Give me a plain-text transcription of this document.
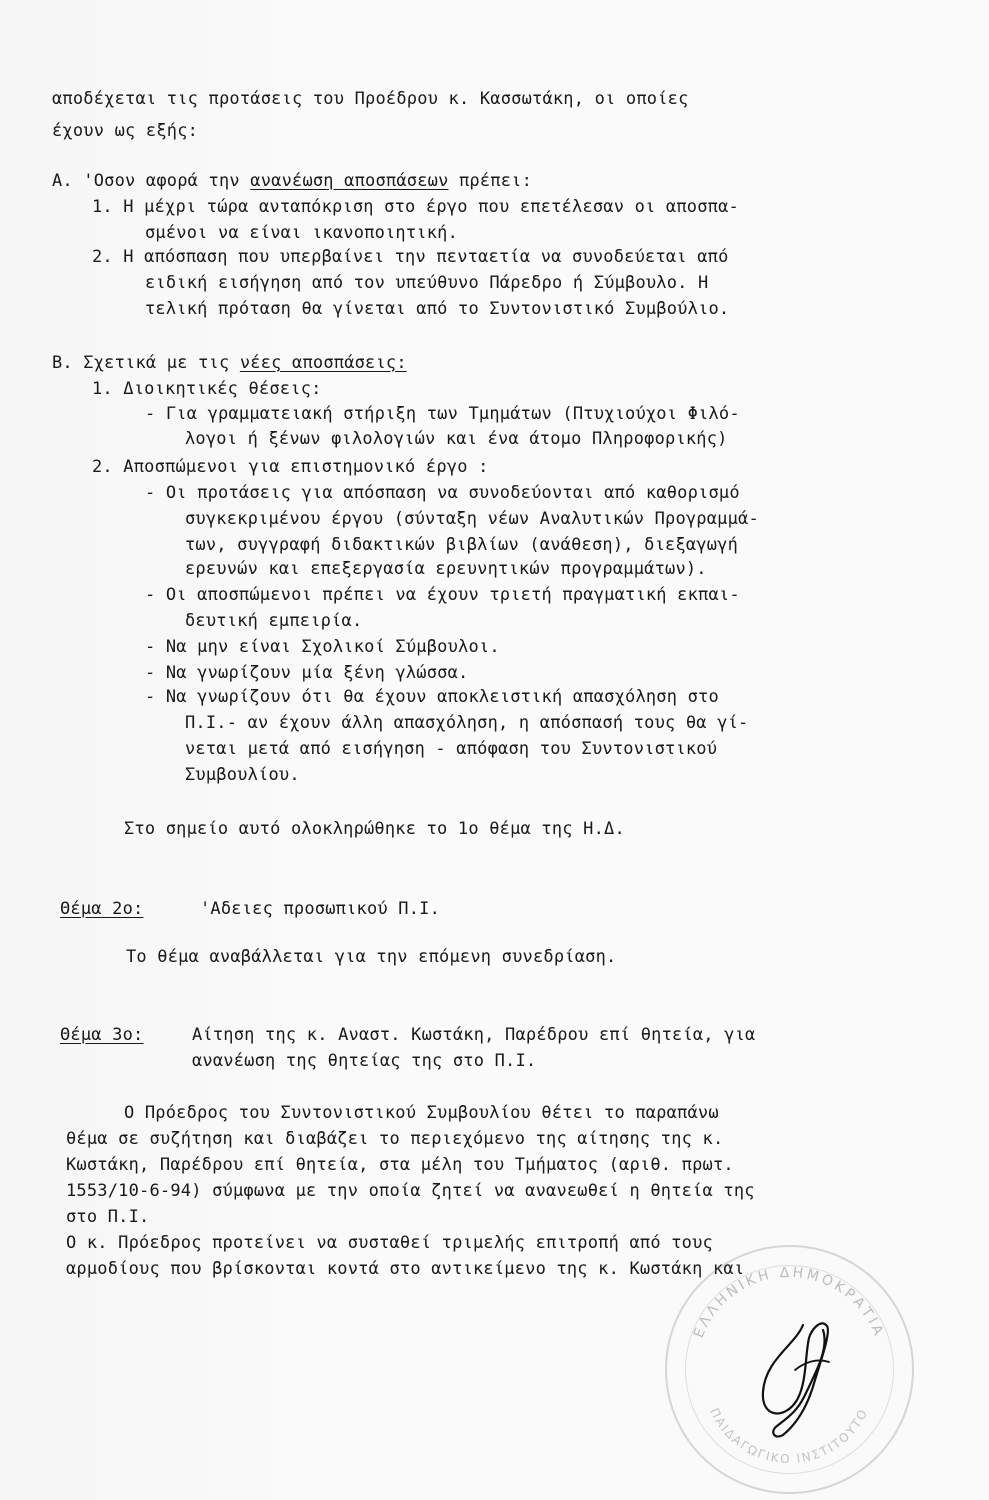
αποδέχεται τις προτάσεις του Προέδρου κ. Κασσωτάκη, οι οποίες
έχουν ως εξής:
Α. 'Οσον αφορά την ανανέωση αποσπάσεων πρέπει:
1. Η μέχρι τώρα ανταπόκριση στο έργο που επετέλεσαν οι αποσπα-
σμένοι να είναι ικανοποιητική.
2. Η απόσπαση που υπερβαίνει την πενταετία να συνοδεύεται από
ειδική εισήγηση από τον υπεύθυνο Πάρεδρο ή Σύμβουλο. Η
τελική πρόταση θα γίνεται από το Συντονιστικό Συμβούλιο.
Β. Σχετικά με τις νέες αποσπάσεις:
1. Διοικητικές θέσεις:
- Για γραμματειακή στήριξη των Τμημάτων (Πτυχιούχοι Φιλό-
λογοι ή ξένων φιλολογιών και ένα άτομο Πληροφορικής)
2. Αποσπώμενοι για επιστημονικό έργο :
- Οι προτάσεις για απόσπαση να συνοδεύονται από καθορισμό
συγκεκριμένου έργου (σύνταξη νέων Αναλυτικών Προγραμμά-
των, συγγραφή διδακτικών βιβλίων (ανάθεση), διεξαγωγή
ερευνών και επεξεργασία ερευνητικών προγραμμάτων).
- Οι αποσπώμενοι πρέπει να έχουν τριετή πραγματική εκπαι-
δευτική εμπειρία.
- Να μην είναι Σχολικοί Σύμβουλοι.
- Να γνωρίζουν μία ξένη γλώσσα.
- Να γνωρίζουν ότι θα έχουν αποκλειστική απασχόληση στο
Π.Ι.- αν έχουν άλλη απασχόληση, η απόσπασή τους θα γί-
νεται μετά από εισήγηση - απόφαση του Συντονιστικού
Συμβουλίου.
Στο σημείο αυτό ολοκληρώθηκε το 1ο θέμα της Η.Δ.
Θέμα 2ο:	'Αδειες προσωπικού Π.Ι.
Το θέμα αναβάλλεται για την επόμενη συνεδρίαση.
Θέμα 3ο:	Αίτηση της κ. Αναστ. Κωστάκη, Παρέδρου επί θητεία, για
ανανέωση της θητείας της στο Π.Ι.
Ο Πρόεδρος του Συντονιστικού Συμβουλίου θέτει το παραπάνω
θέμα σε συζήτηση και διαβάζει το περιεχόμενο της αίτησης της κ.
Κωστάκη, Παρέδρου επί θητεία, στα μέλη του Τμήματος (αριθ. πρωτ.
1553/10-6-94) σύμφωνα με την οποία ζητεί να ανανεωθεί η θητεία της
στο Π.Ι.
Ο κ. Πρόεδρος προτείνει να συσταθεί τριμελής επιτροπή από τους
αρμοδίους που βρίσκονται κοντά στο αντικείμενο της κ. Κωστάκη και
ΕΛΛΗΝΙΚΗ ΔΗΜΟΚΡΑΤΙΑ
ΠΑΙΔΑΓΩΓΙΚΟ ΙΝΣΤΙΤΟΥΤΟ
